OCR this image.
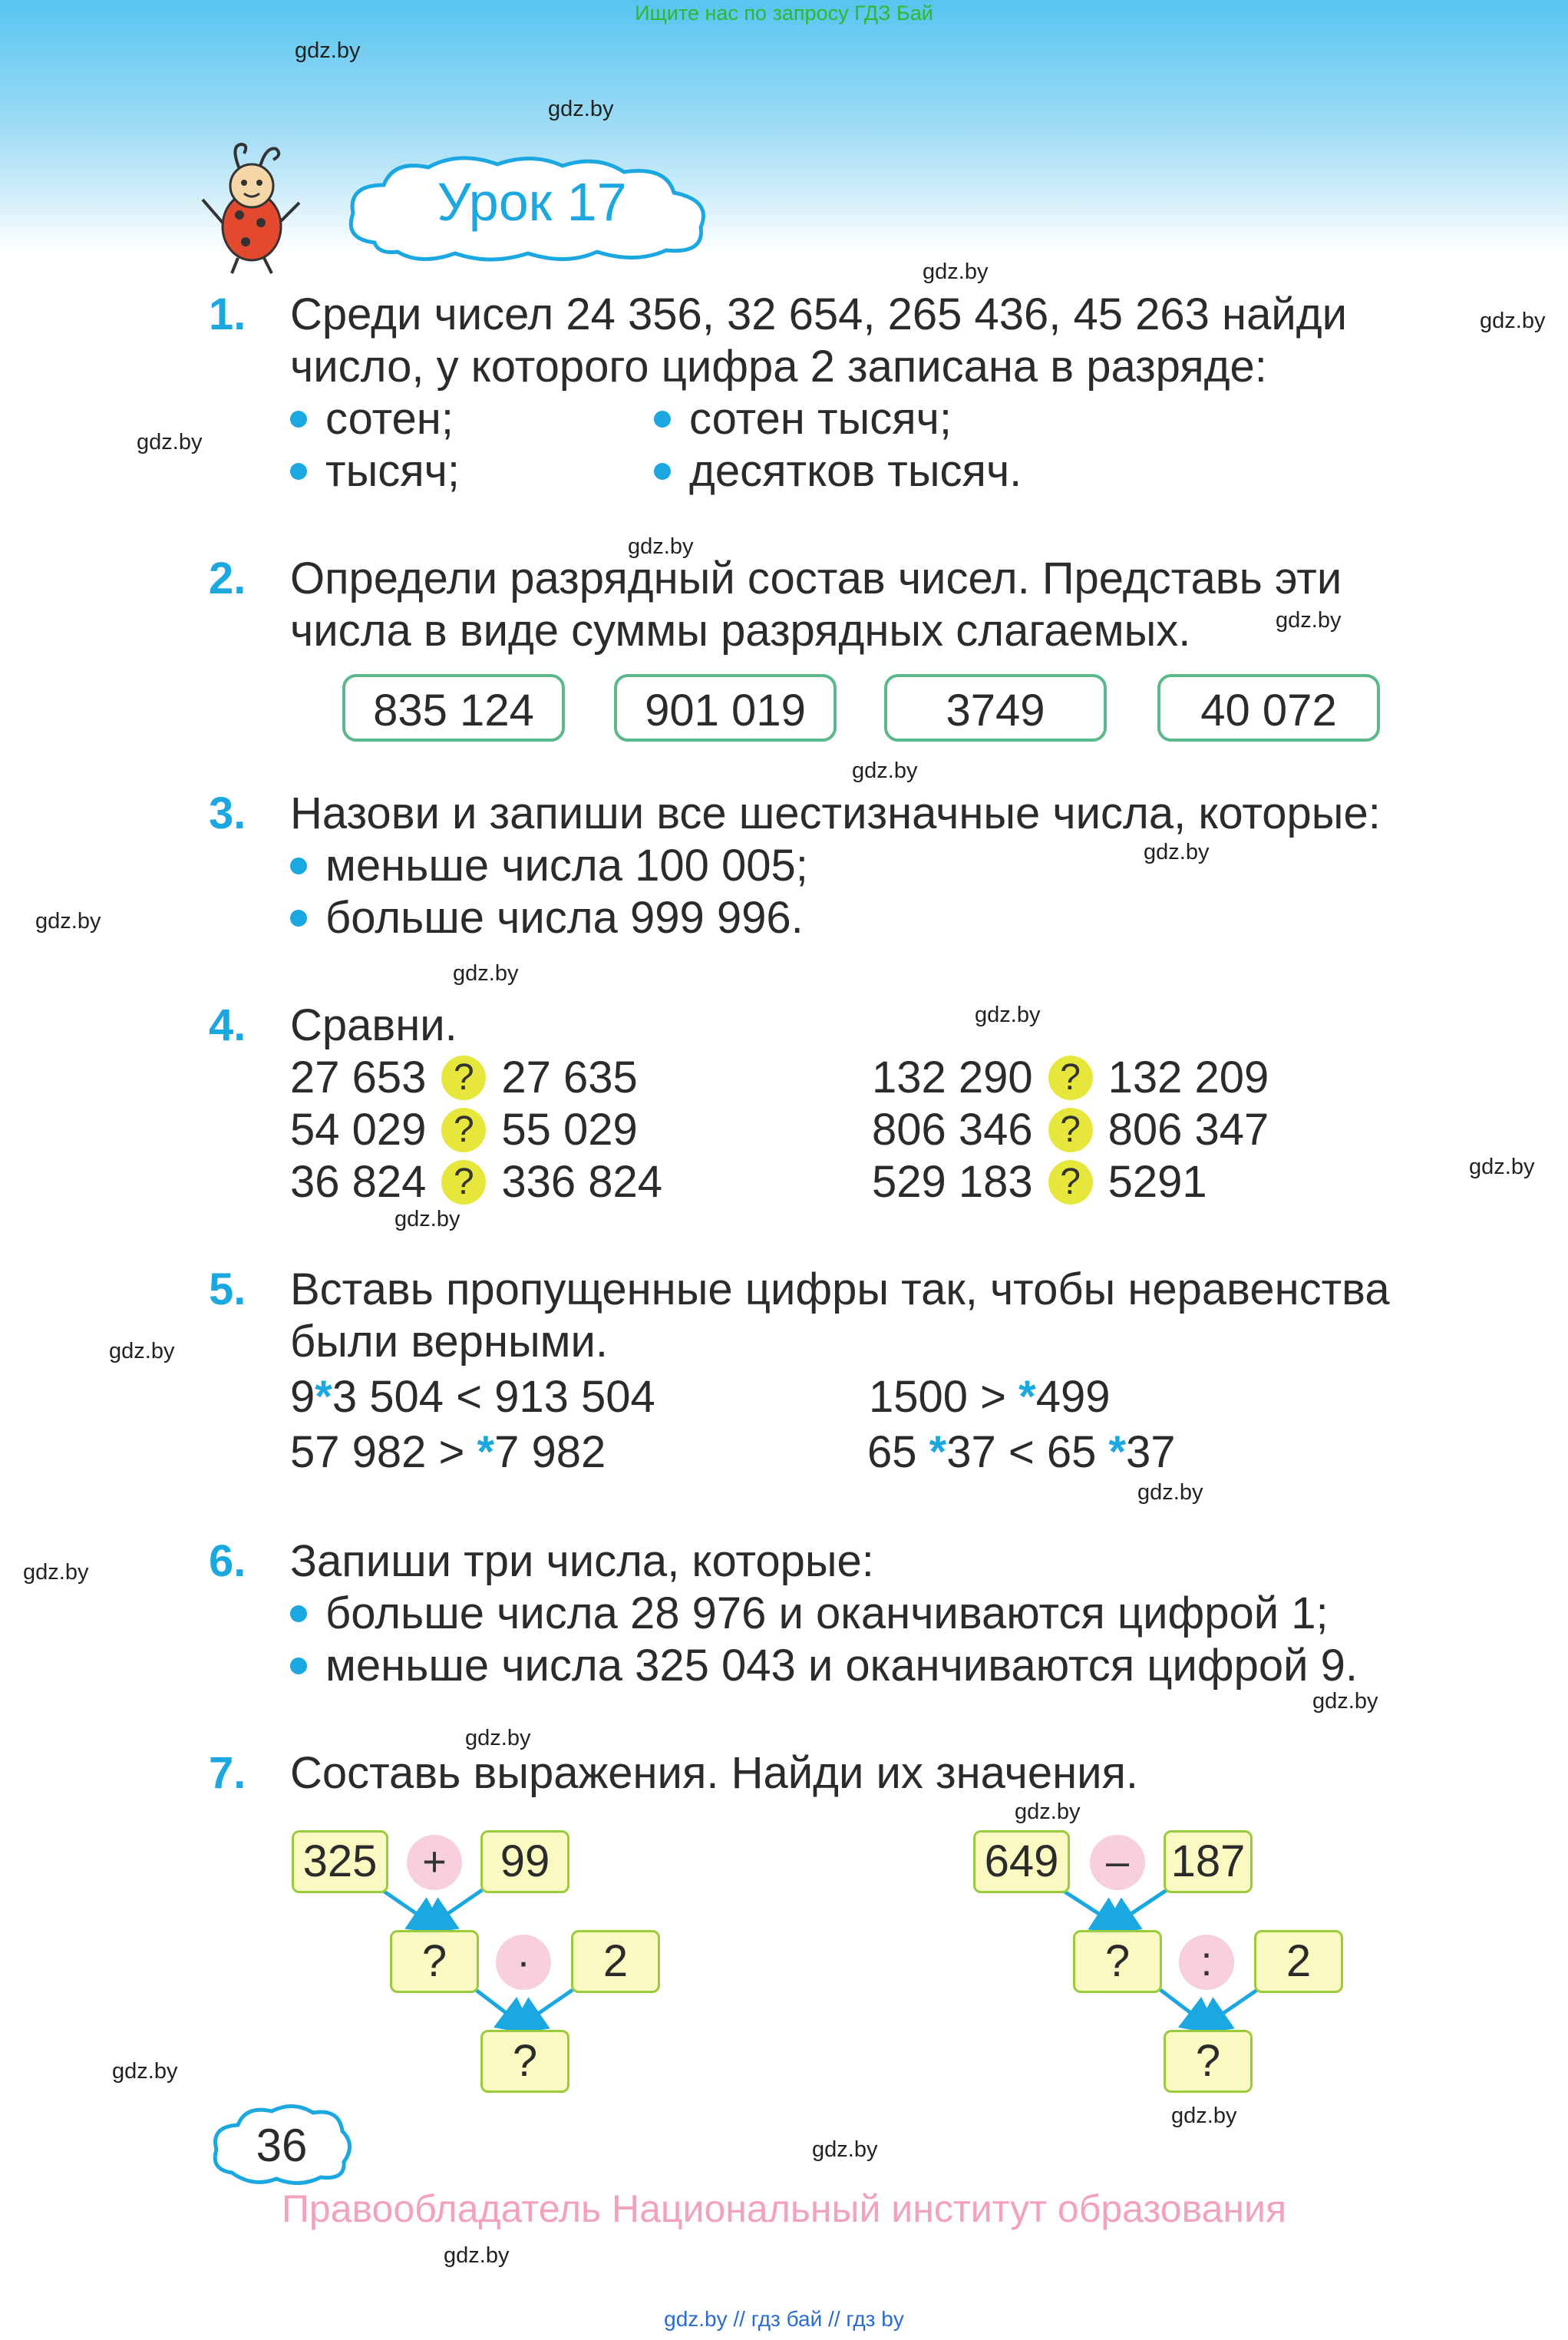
Ищите нас по запросу ГДЗ Бай
Урок 17
gdz.by
gdz.by
gdz.by
gdz.by
gdz.by
gdz.by
gdz.by
gdz.by
gdz.by
gdz.by
gdz.by
gdz.by
gdz.by
gdz.by
gdz.by
gdz.by
gdz.by
gdz.by
gdz.by
gdz.by
gdz.by
gdz.by
gdz.by
gdz.by
1. Среди чисел 24 356, 32 654, 265 436, 45 263 найди
число, у которого цифра 2 записана в разряде:
сотен;	сотен тысяч;
тысяч;	десятков тысяч.
2. Определи разрядный состав чисел. Представь эти
числа в виде суммы разрядных слагаемых.
835 124	901 019	3749	40 072
3. Назови и запиши все шестизначные числа, которые:
меньше числа 100 005;
больше числа 999 996.
4. Сравни.
27 653 ? 27 635	132 290 ? 132 209
54 029 ? 55 029	806 346 ? 806 347
36 824 ? 336 824	529 183 ? 5291
5. Вставь пропущенные цифры так, чтобы неравенства
были верными.
9*3 504 < 913 504	1500 > *499
57 982 > *7 982	65 *37 < 65 *37
6. Запиши три числа, которые:
больше числа 28 976 и оканчиваются цифрой 1;
меньше числа 325 043 и оканчиваются цифрой 9.
7. Составь выражения. Найди их значения.
325	+	99
?	·	2
?
649	– 187
?	:	2
?
36
Правообладатель Национальный институт образования
gdz.by // гдз бай // гдз by
